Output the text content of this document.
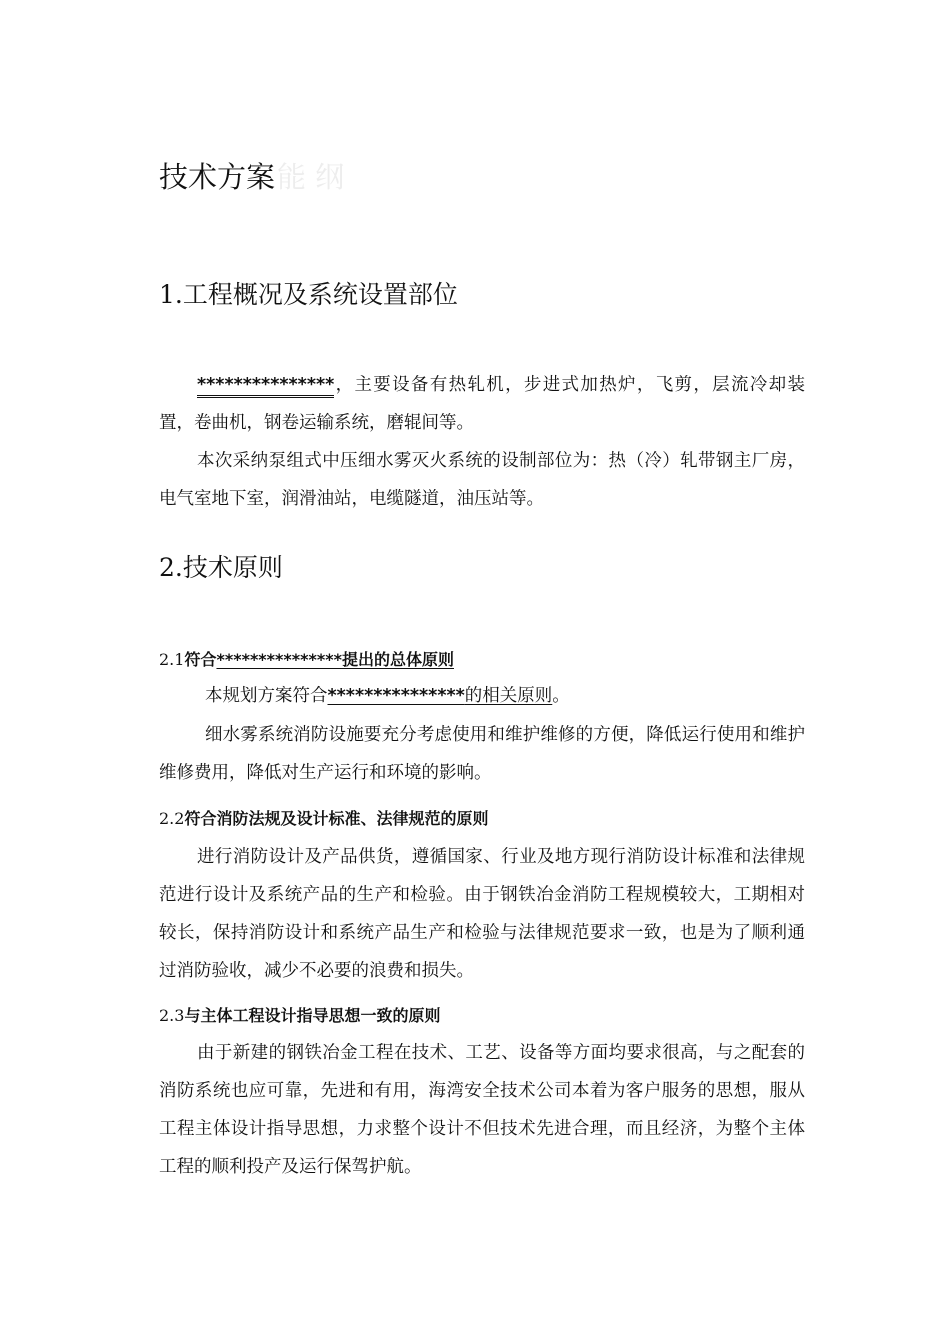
技术方案能 纲
1.工程概况及系统设置部位

***************，主要设备有热轧机，步进式加热炉，飞剪，层流冷却装置，卷曲机，钢卷运输系统，磨辊间等。

本次采纳泵组式中压细水雾灭火系统的设制部位为：热（冷）轧带钢主厂房，电气室地下室，润滑油站，电缆隧道，油压站等。

2.技术原则
2.1符合***************提出的总体原则

本规划方案符合***************的相关原则。

细水雾系统消防设施要充分考虑使用和维护维修的方便，降低运行使用和维护维修费用，降低对生产运行和环境的影响。

2.2符合消防法规及设计标准、法律规范的原则

进行消防设计及产品供货，遵循国家、行业及地方现行消防设计标准和法律规范进行设计及系统产品的生产和检验。由于钢铁冶金消防工程规模较大，工期相对较长，保持消防设计和系统产品生产和检验与法律规范要求一致，也是为了顺利通过消防验收，减少不必要的浪费和损失。

2.3与主体工程设计指导思想一致的原则

由于新建的钢铁冶金工程在技术、工艺、设备等方面均要求很高，与之配套的消防系统也应可靠，先进和有用，海湾安全技术公司本着为客户服务的思想，服从工程主体设计指导思想，力求整个设计不但技术先进合理，而且经济，为整个主体工程的顺利投产及运行保驾护航。
